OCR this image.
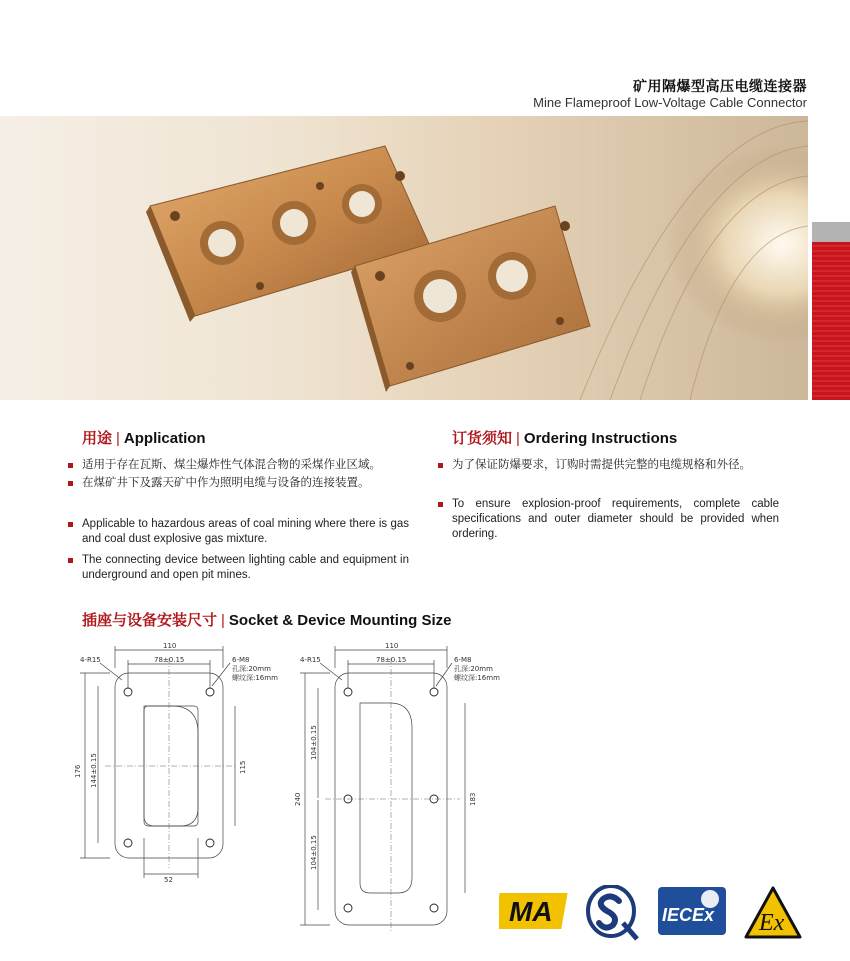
矿用隔爆型高压电缆连接器
Mine Flameproof Low-Voltage Cable Connector
用途 | Application
适用于存在瓦斯、煤尘爆炸性气体混合物的采煤作业区域。
在煤矿井下及露天矿中作为照明电缆与设备的连接装置。
Applicable to hazardous areas of coal mining where there is gas and coal dust explosive gas mixture.
The connecting device between lighting cable and equipment in underground and open pit mines.
订货须知 | Ordering Instructions
为了保证防爆要求，订购时需提供完整的电缆规格和外径。
To ensure explosion-proof requirements, complete cable specifications and outer diameter should be provided when ordering.
插座与设备安装尺寸 | Socket & Device Mounting Size
110
78±0.15
4-R15	6-M8
孔深:20mm
螺纹深:16mm
176 144±0.15	115
52
110
78±0.15
4-R15	6-M8
孔深:20mm
螺纹深:16mm
240
104±0.15
104±0.15
183
MA	IECEx Ex
